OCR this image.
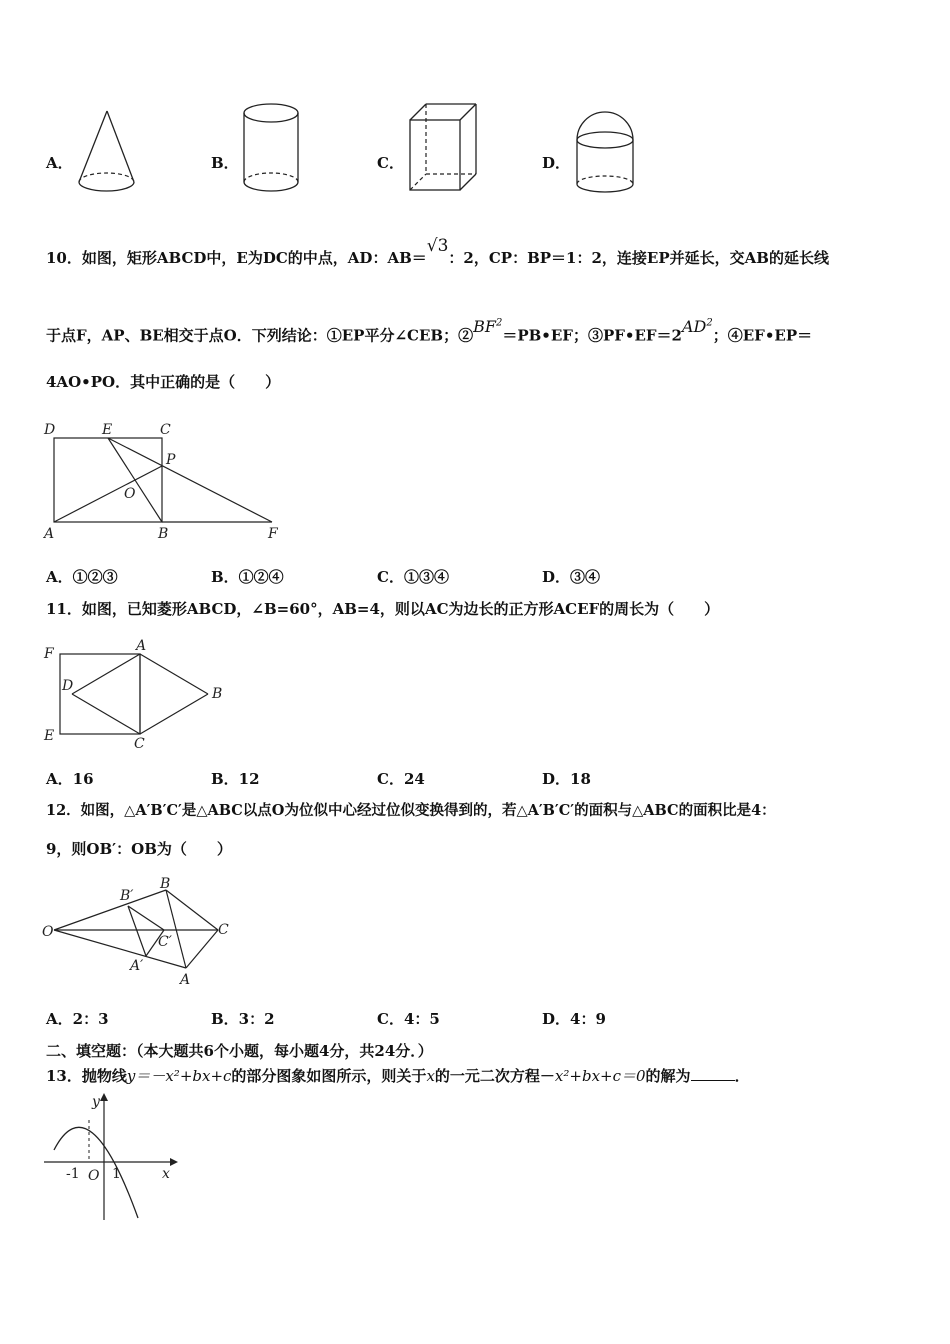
A．	B．	C．	D．
10．如图，矩形ABCD中，E为DC的中点，AD：AB＝√3：2，CP：BP＝1：2，连接EP并延长，交AB的延长线
于点F，AP、BE相交于点O．下列结论：①EP平分∠CEB；$②BF^2=PB•EF$；$③PF•EF=2AD^2$；④EF•EP＝
4AO•PO．其中正确的是（　　）
D	E	C
P
O
A	B	F
A．①②③	B．①②④	C．①③④	D．③④
11．如图，已知菱形ABCD，∠B=60°，AB=4，则以AC为边长的正方形ACEF的周长为（　　）
F	A
D	B
E	C
A．16	B．12	C．24	D．18
12．如图，△A′B′C′是△ABC以点O为位似中心经过位似变换得到的，若△A′B′C′的面积与△ABC的面积比是4：
9，则OB′：OB为（　　）
B′
B
O
C′
C
A′
A
A．2：3	B．3：2	C．4：5	D．4：9
二、填空题：（本大题共6个小题，每小题4分，共24分．）
13．抛物线y＝－x²+bx+c的部分图象如图所示，则关于x的一元二次方程－x²+bx+c＝0的解为	．
y
x
-1 O 1
